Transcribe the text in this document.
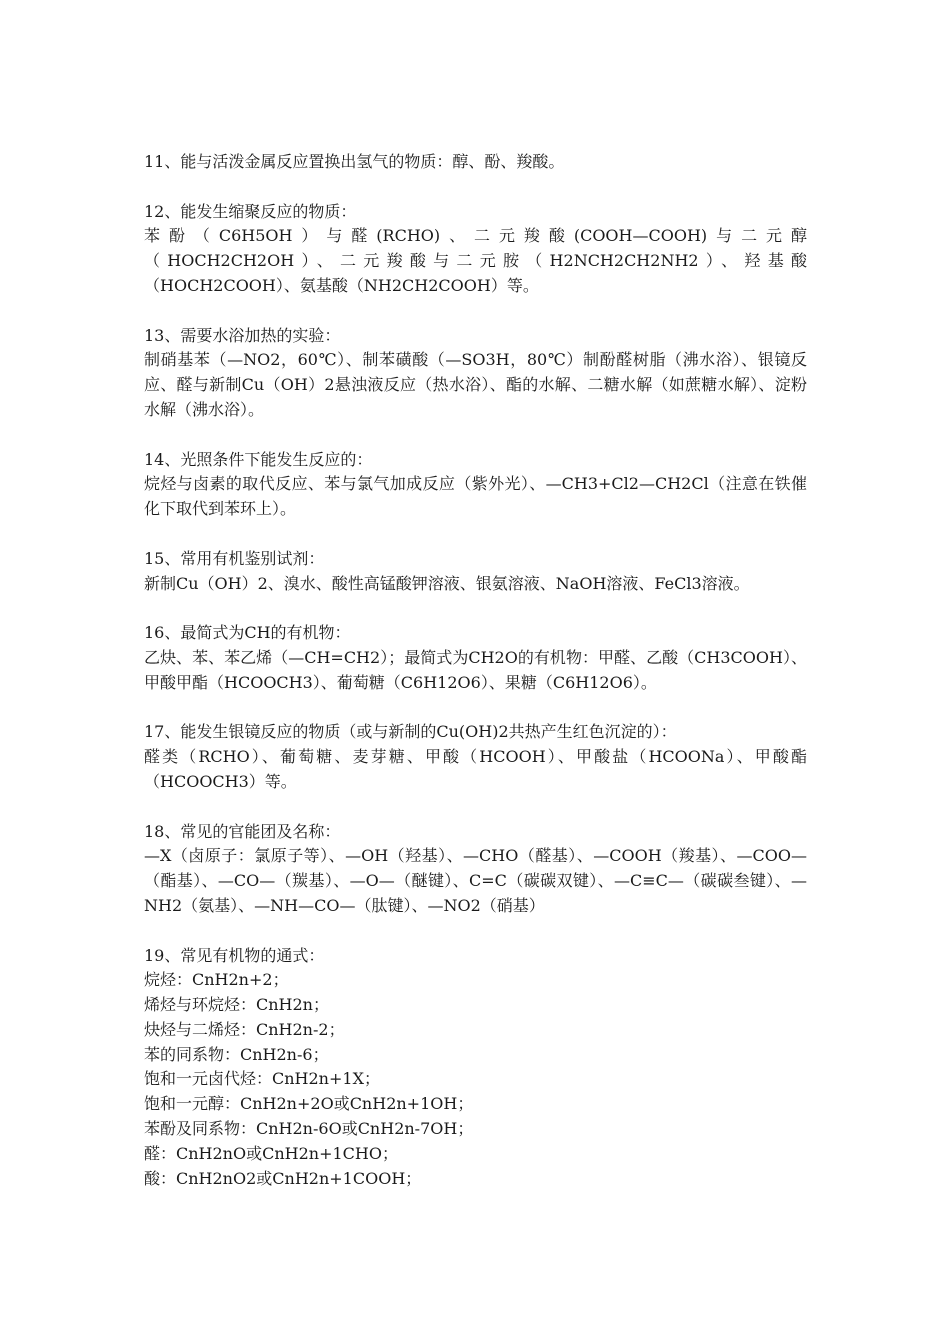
11、能与活泼金属反应置换出氢气的物质：醇、酚、羧酸。

12、能发生缩聚反应的物质：

苯酚（C6H5OH）与醛(RCHO)、二元羧酸(COOH—COOH)与二元醇（HOCH2CH2OH）、二元羧酸与二元胺（H2NCH2CH2NH2）、羟基酸（HOCH2COOH）、氨基酸（NH2CH2COOH）等。

13、需要水浴加热的实验：

制硝基苯（—NO2，60℃）、制苯磺酸（—SO3H，80℃）制酚醛树脂（沸水浴）、银镜反应、醛与新制Cu（OH）2悬浊液反应（热水浴）、酯的水解、二糖水解（如蔗糖水解）、淀粉水解（沸水浴）。

14、光照条件下能发生反应的：

烷烃与卤素的取代反应、苯与氯气加成反应（紫外光）、—CH3+Cl2—CH2Cl（注意在铁催化下取代到苯环上）。

15、常用有机鉴别试剂：

新制Cu（OH）2、溴水、酸性高锰酸钾溶液、银氨溶液、NaOH溶液、FeCl3溶液。

16、最简式为CH的有机物：

乙炔、苯、苯乙烯（—CH=CH2）；最简式为CH2O的有机物：甲醛、乙酸（CH3COOH）、甲酸甲酯（HCOOCH3）、葡萄糖（C6H12O6）、果糖（C6H12O6）。

17、能发生银镜反应的物质（或与新制的Cu(OH)2共热产生红色沉淀的）：

醛类（RCHO）、葡萄糖、麦芽糖、甲酸（HCOOH）、甲酸盐（HCOONa）、甲酸酯（HCOOCH3）等。

18、常见的官能团及名称：

—X（卤原子：氯原子等）、—OH（羟基）、—CHO（醛基）、—COOH（羧基）、—COO—（酯基）、—CO—（羰基）、—O—（醚键）、C=C（碳碳双键）、—C≡C—（碳碳叁键）、—NH2（氨基）、—NH—CO—（肽键）、—NO2（硝基）

19、常见有机物的通式：

烷烃：CnH2n+2；
烯烃与环烷烃：CnH2n；
炔烃与二烯烃：CnH2n-2；
苯的同系物：CnH2n-6；
饱和一元卤代烃：CnH2n+1X；
饱和一元醇：CnH2n+2O或CnH2n+1OH；
苯酚及同系物：CnH2n-6O或CnH2n-7OH；
醛：CnH2nO或CnH2n+1CHO；
酸：CnH2nO2或CnH2n+1COOH；
